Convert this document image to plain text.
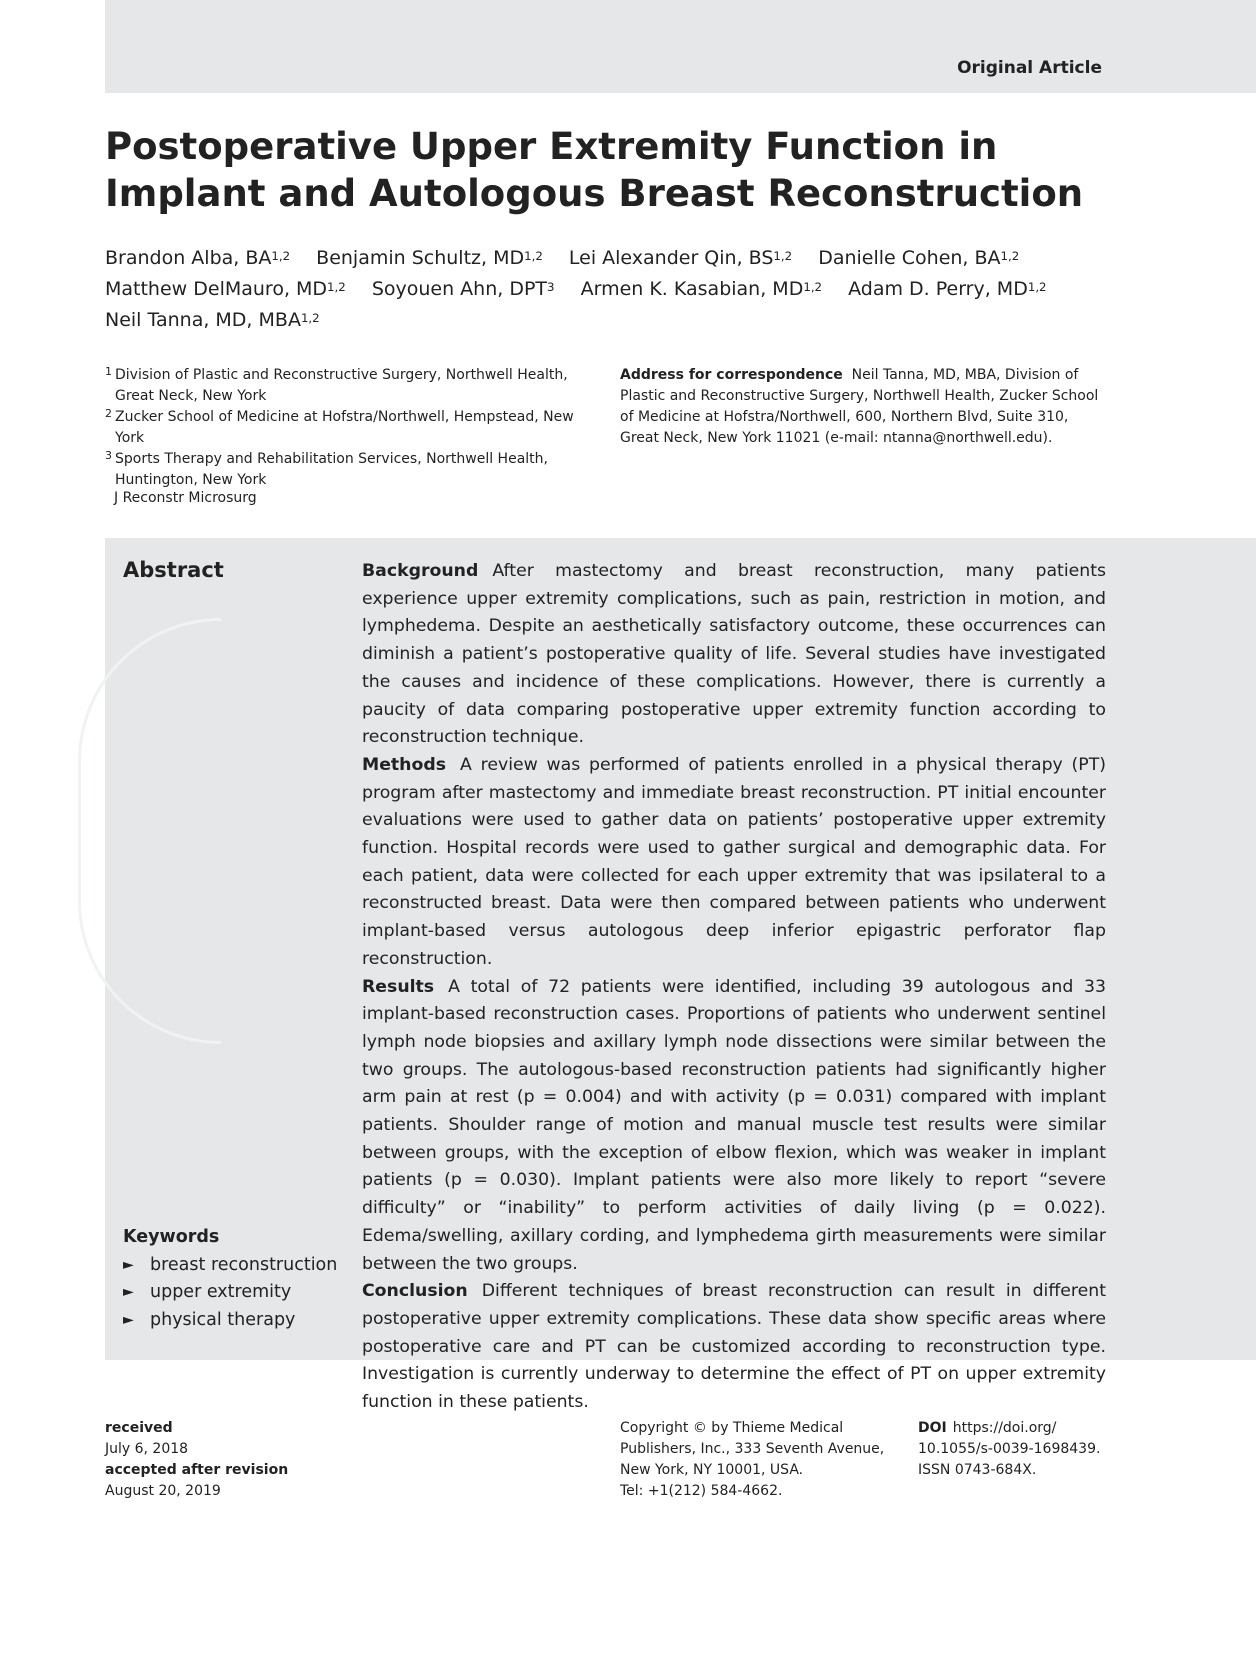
Original Article
Postoperative Upper Extremity Function in Implant and Autologous Breast Reconstruction
Brandon Alba, BA$^{1,2}$ Benjamin Schultz, MD$^{1,2}$ Lei Alexander Qin, BS$^{1,2}$ Danielle Cohen, BA$^{1,2}$
Matthew DelMauro, MD$^{1,2}$ Soyouen Ahn, DPT$^3$ Armen K. Kasabian, MD$^{1,2}$ Adam D. Perry, MD$^{1,2}$
Neil Tanna, MD, MBA$^{1,2}$
1 Division of Plastic and Reconstructive Surgery, Northwell Health, Great Neck, New York
2 Zucker School of Medicine at Hofstra/Northwell, Hempstead, New York
3 Sports Therapy and Rehabilitation Services, Northwell Health, Huntington, New York
Address for correspondence Neil Tanna, MD, MBA, Division of Plastic and Reconstructive Surgery, Northwell Health, Zucker School of Medicine at Hofstra/Northwell, 600, Northern Blvd, Suite 310, Great Neck, New York 11021 (e-mail: ntanna@northwell.edu).
J Reconstr Microsurg
Abstract	Background After mastectomy and breast reconstruction, many patients experience upper extremity complications, such as pain, restriction in motion, and lymphedema. Despite an aesthetically satisfactory outcome, these occurrences can diminish a patient’s postoperative quality of life. Several studies have investigated the causes and incidence of these complications. However, there is currently a paucity of data comparing postoperative upper extremity function according to reconstruction technique.

Methods A review was performed of patients enrolled in a physical therapy (PT) program after mastectomy and immediate breast reconstruction. PT initial encounter evaluations were used to gather data on patients’ postoperative upper extremity function. Hospital records were used to gather surgical and demographic data. For each patient, data were collected for each upper extremity that was ipsilateral to a reconstructed breast. Data were then compared between patients who underwent implant-based versus autologous deep inferior epigastric perforator flap reconstruction.

Results A total of 72 patients were identified, including 39 autologous and 33 implant-based reconstruction cases. Proportions of patients who underwent sentinel lymph node biopsies and axillary lymph node dissections were similar between the two groups. The autologous-based reconstruction patients had significantly higher arm pain at rest (p = 0.004) and with activity (p = 0.031) compared with implant patients. Shoulder range of motion and manual muscle test results were similar between groups, with the exception of elbow flexion, which was weaker in implant patients (p = 0.030). Implant patients were also more likely to report “severe difficulty” or “inability” to perform activities of daily living (p = 0.022). Edema/swelling, axillary cording, and lymphedema girth measurements were similar between the two groups.

Conclusion Different techniques of breast reconstruction can result in different postoperative upper extremity complications. These data show specific areas where postoperative care and PT can be customized according to reconstruction type. Investigation is currently underway to determine the effect of PT on upper extremity function in these patients.

Keywords
► breast reconstruction
► upper extremity
► physical therapy
received
July 6, 2018
accepted after revision
August 20, 2019
Copyright © by Thieme Medical
Publishers, Inc., 333 Seventh Avenue,
New York, NY 10001, USA.
Tel: +1(212) 584-4662.
DOI https://doi.org/
10.1055/s-0039-1698439.
ISSN 0743-684X.
